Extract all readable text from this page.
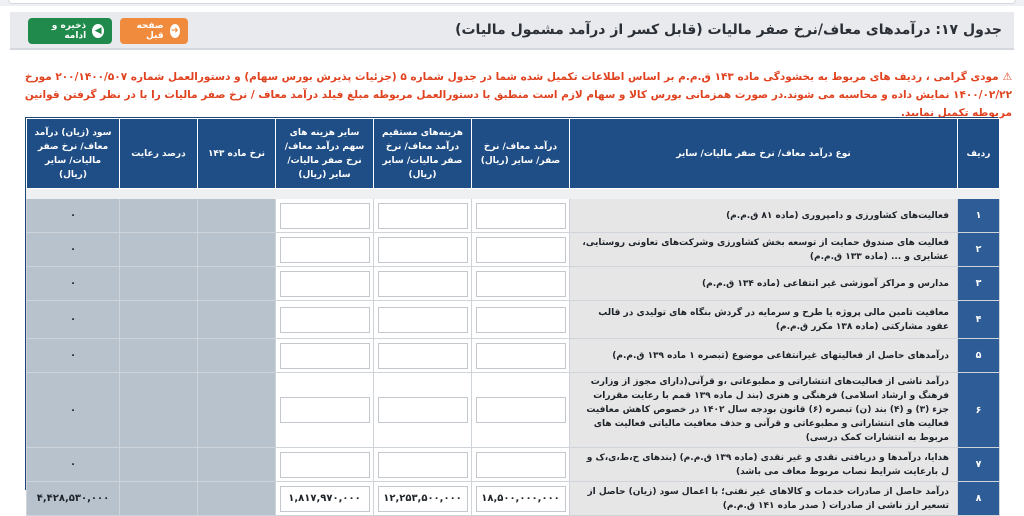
جدول ۱۷: درآمدهای معاف/نرخ صفر مالیات (قابل کسر از درآمد مشمول مالیات)
➔
صفحه قبل
◀
ذخیره و ادامه
⚠مودی گرامی ، ردیف های مربوط به بخشودگی ماده ۱۴۳ ق.م.م بر اساس اطلاعات تکمیل شده شما در جدول شماره ۵ (جزئیات پذیرش بورس سهام) و دستورالعمل شماره ۲۰۰/۱۴۰۰/۵۰۷ مورخ ۱۴۰۰/۰۲/۲۲ نمایش داده و محاسبه می شوند.در صورت همزمانی بورس کالا و سهام لازم است منطبق با دستورالعمل مربوطه مبلغ فیلد درآمد معاف / نرخ صفر مالیات را با در نظر گرفتن قوانین مربوطه تکمیل نمایید.
ردیف	نوع درآمد معاف/ نرخ صفر مالیات/ سایر	درآمد معاف/ نرخ صفر/ سایر (ریال)	هزینه‌های مستقیم درآمد معاف/ نرخ صفر مالیات/ سایر (ریال)	سایر هزینه های سهم درآمد معاف/ نرخ صفر مالیات/ سایر (ریال)	نرخ ماده ۱۴۳	درصد رعایت	سود (زیان) درآمد معاف/ نرخ صفر مالیات/ سایر (ریال)

۱	فعالیت‌های کشاورزی و دامپروری (ماده ۸۱ ق.م.م)						۰
۲	فعالیت های صندوق حمایت از توسعه بخش کشاورزی وشرکت‌های تعاونی روستایی، عشایری و ... (ماده ۱۳۳ ق.م.م)						۰
۳	مدارس و مراکز آموزشی غیر انتفاعی (ماده ۱۳۴ ق.م.م)						۰
۴	معافیت تامین مالی پروژه یا طرح و سرمایه در گردش بنگاه های تولیدی در قالب عقود مشارکتی (ماده ۱۳۸ مکرر ق.م.م)						۰
۵	درآمدهای حاصل از فعالیتهای غیرانتفاعی موضوع (تبصره ۱ ماده ۱۳۹ ق.م.م)						۰
۶	درآمد ناشی از فعالیت‌های انتشاراتی و مطبوعاتی ،و قرآنی(دارای مجوز از وزارت فرهنگ و ارشاد اسلامی) فرهنگی و هنری (بند ل ماده ۱۳۹ قمم با رعایت مقررات جزء (۳) و (۴) بند (ن) تبصره (۶) قانون بودجه سال ۱۴۰۲ در خصوص کاهش معافیت فعالیت های انتشاراتی و مطبوعاتی و قرآنی و حذف معافیت مالیاتی فعالیت های مربوط به انتشارات کمک درسی)						۰
۷	هدایا، درآمدها و دریافتی نقدی و غیر نقدی (ماده ۱۳۹ ق.م.م) (بندهای ح،ط،ی،ک و ل بارعایت شرایط نصاب مربوط معاف می باشد)						۰
۸	درآمد حاصل از صادرات خدمات و کالاهای غیر نفتی؛ با اعمال سود (زیان) حاصل از تسعیر ارز ناشی از صادرات ( صدر ماده ۱۴۱ ق.م.م)	۱۸,۵۰۰,۰۰۰,۰۰۰	۱۲,۲۵۳,۵۰۰,۰۰۰	۱,۸۱۷,۹۷۰,۰۰۰			۴,۴۲۸,۵۳۰,۰۰۰
